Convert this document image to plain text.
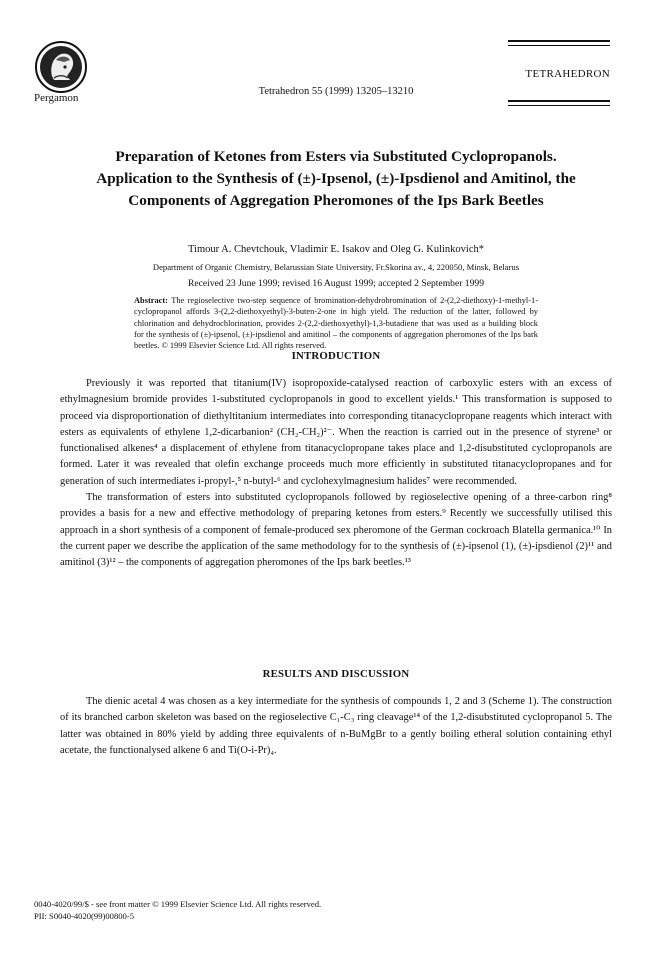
Pergamon
TETRAHEDRON
Tetrahedron 55 (1999) 13205–13210
Preparation of Ketones from Esters via Substituted Cyclopropanols.
Application to the Synthesis of (±)-Ipsenol, (±)-Ipsdienol and Amitinol, the
Components of Aggregation Pheromones of the Ips Bark Beetles
Timour A. Chevtchouk, Vladimir E. Isakov and Oleg G. Kulinkovich*
Department of Organic Chemistry, Belarussian State University, Fr.Skorina av., 4, 220050, Minsk, Belarus
Received 23 June 1999; revised 16 August 1999; accepted 2 September 1999
Abstract: The regioselective two-step sequence of bromination-dehydrobromination of 2-(2,2-diethoxy)-1-methyl-1-cyclopropanol affords 3-(2,2-diethoxyethyl)-3-buten-2-one in high yield. The reduction of the latter, followed by chlorination and dehydrochlorination, provides 2-(2,2-diethoxyethyl)-1,3-butadiene that was used as a building block for the synthesis of (±)-ipsenol, (±)-ipsdienol and amitinol – the components of aggregation pheromones of the Ips bark beetles. © 1999 Elsevier Science Ltd. All rights reserved.
INTRODUCTION

Previously it was reported that titanium(IV) isopropoxide-catalysed reaction of carboxylic esters with an excess of ethylmagnesium bromide provides 1-substituted cyclopropanols in good to excellent yields.¹ This transformation is supposed to proceed via disproportionation of diethyltitanium intermediates into corresponding titanacyclopropane reagents which interact with esters as equivalents of ethylene 1,2-dicarbanion² (CH₂-CH₂)²⁻. When the reaction is carried out in the presence of styrene³ or functionalised alkenes⁴ a displacement of ethylene from titanacyclopropane takes place and 1,2-disubstituted cyclopropanols are formed. Later it was revealed that olefin exchange proceeds much more efficiently in substituted titanacyclopropanes and for generation of such intermediates i-propyl-,⁵ n-butyl-⁶ and cyclohexylmagnesium halides⁷ were recommended.

The transformation of esters into substituted cyclopropanols followed by regioselective opening of a three-carbon ring⁸ provides a basis for a new and effective methodology of preparing ketones from esters.⁹ Recently we successfully utilised this approach in a short synthesis of a component of female-produced sex pheromone of the German cockroach Blatella germanica.¹⁰ In the current paper we describe the application of the same methodology for to the synthesis of (±)-ipsenol (1), (±)-ipsdienol (2)¹¹ and amitinol (3)¹² – the components of aggregation pheromones of the Ips bark beetles.¹³

RESULTS AND DISCUSSION

The dienic acetal 4 was chosen as a key intermediate for the synthesis of compounds 1, 2 and 3 (Scheme 1). The construction of its branched carbon skeleton was based on the regioselective C₁-C₃ ring cleavage¹⁴ of the 1,2-disubstituted cyclopropanol 5. The latter was obtained in 80% yield by adding three equivalents of n-BuMgBr to a gently boiling etheral solution containing ethyl acetate, the functionalysed alkene 6 and Ti(O-i-Pr)₄.

0040-4020/99/$ - see front matter © 1999 Elsevier Science Ltd. All rights reserved.
PII: S0040-4020(99)00800-5
